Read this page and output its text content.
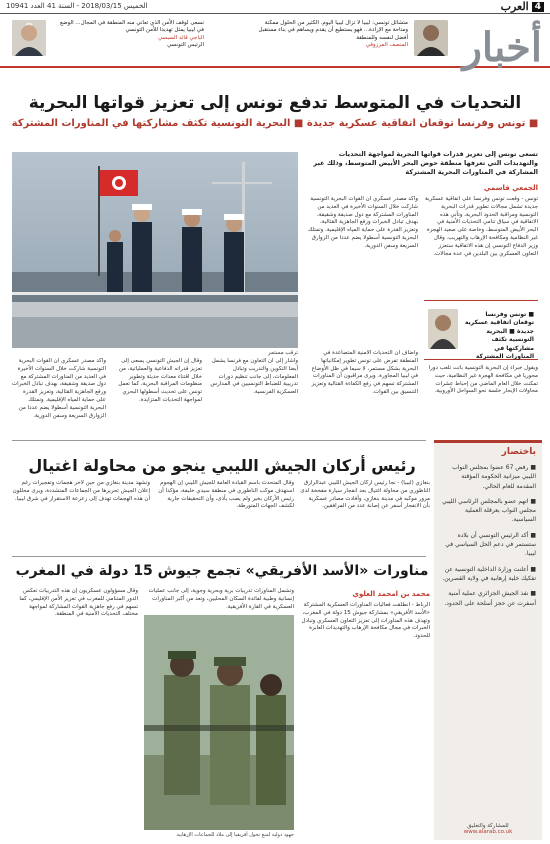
الخميس 2018/03/15 - السنة 41 العدد 10941	العرب 4
أخبار
متشائل تونسي: ليبيا لا تزال ليبيا اليوم. الكثير من الحلول ممكنة ومتاحة مع الإرادة... فهو يستطيع أن يقدم ويساهم في بناء مستقبل أفضل لنفسه وللمنطقة
المنصف المرزوقي
نسعى لوقف الأمن الذي تعاني منه المنطقة في المجال... الوضع في ليبيا يمثل تهديدا للأمن التونسي
الباجي قائد السبسي
الرئيس التونسي
التحديات في المتوسط تدفع تونس إلى تعزيز قواتها البحرية
■ تونس وفرنسا توقعان اتفاقية عسكرية جديدة ■ البحرية التونسية تكثف مشاركتها في المناورات المشتركة
تسعى تونس إلى تعزيز قدرات قواتها البحرية لمواجهة التحديات والتهديدات التي تعرفها منطقة حوض البحر الأبيض المتوسط، وذلك عبر المشاركة في المناورات البحرية المشتركة
الجمعي قاسمي
تونس - وقعت تونس وفرنسا على اتفاقية عسكرية جديدة تشمل مجالات تطوير قدرات البحرية التونسية ومراقبة الحدود البحرية، وتأتي هذه الاتفاقية في سياق تنامي التحديات الأمنية في البحر الأبيض المتوسط، وخاصة على صعيد الهجرة غير النظامية ومكافحة الإرهاب والتهريب. وقال وزير الدفاع التونسي إن هذه الاتفاقية ستعزز التعاون العسكري بين البلدين في عدة مجالات.
وأكد مصدر عسكري أن القوات البحرية التونسية شاركت خلال السنوات الأخيرة في العديد من المناورات المشتركة مع دول صديقة وشقيقة، بهدف تبادل الخبرات ورفع الجاهزية القتالية، وتعزيز القدرة على حماية المياه الإقليمية. وتمتلك البحرية التونسية أسطولا يضم عددا من الزوارق السريعة وسفن الدورية.
■ تونس وفرنسا توقعان اتفاقية عسكرية جديدة ■ البحرية التونسية تكثف مشاركتها في المناورات المشتركة
ترقب مستمر	وأضاف أن التحديات الأمنية المتصاعدة في المنطقة تفرض على تونس تطوير إمكانياتها البحرية بشكل مستمر، لا سيما في ظل الأوضاع في ليبيا المجاورة. ويرى مراقبون أن المناورات المشتركة تسهم في رفع الكفاءة القتالية وتعزيز التنسيق بين القوات.
ويقول خبراء إن البحرية التونسية باتت تلعب دورا محوريا في مكافحة الهجرة غير النظامية، حيث تمكنت خلال العام الماضي من إحباط عشرات محاولات الإبحار خلسة نحو السواحل الأوروبية.
وأشار إلى أن التعاون مع فرنسا يشمل أيضا التكوين والتدريب وتبادل المعلومات، إلى جانب تنظيم دورات تدريبية للضباط التونسيين في المدارس العسكرية الفرنسية.
وقال إن الجيش التونسي يسعى إلى تعزيز قدراته الدفاعية والعملياتية، من خلال اقتناء معدات حديثة وتطوير منظومات المراقبة البحرية، كما تعمل تونس على تحديث أسطولها البحري لمواجهة التحديات المتزايدة.
وأكد مصدر عسكري أن القوات البحرية التونسية شاركت خلال السنوات الأخيرة في العديد من المناورات المشتركة مع دول صديقة وشقيقة، بهدف تبادل الخبرات ورفع الجاهزية القتالية، وتعزيز القدرة على حماية المياه الإقليمية. وتمتلك البحرية التونسية أسطولا يضم عددا من الزوارق السريعة وسفن الدورية.
رئيس أركان الجيش الليبي ينجو من محاولة اغتيال
بنغازي (ليبيا) - نجا رئيس أركان الجيش الليبي عبدالرازق الناظوري من محاولة اغتيال بعد انفجار سيارة مفخخة لدى مرور موكبه في مدينة بنغازي، وأفادت مصادر عسكرية بأن الانفجار أسفر عن إصابة عدد من المرافقين.
وقال المتحدث باسم القيادة العامة للجيش الليبي إن الهجوم استهدف موكب الناظوري في منطقة سيدي خليفة، مؤكدا أن رئيس الأركان بخير ولم يصب بأذى، وأن التحقيقات جارية لكشف الجهات المتورطة.
وتشهد مدينة بنغازي من حين لآخر هجمات وتفجيرات رغم إعلان الجيش تحريرها من الجماعات المتشددة، ويرى محللون أن هذه الهجمات تهدف إلى زعزعة الاستقرار في شرق ليبيا.
مناورات «الأسد الأفريقي» تجمع جيوش 15 دولة في المغرب
محمد بن امحمد العلوي
الرباط - انطلقت فعاليات المناورات العسكرية المشتركة «الأسد الأفريقي» بمشاركة جيوش 15 دولة في المغرب، وتهدف هذه المناورات إلى تعزيز التعاون العسكري وتبادل الخبرات في مجال مكافحة الإرهاب والتهديدات العابرة للحدود.
وتشمل المناورات تدريبات برية وبحرية وجوية، إلى جانب عمليات إنسانية وطبية لفائدة السكان المحليين، وتعد من أكبر المناورات العسكرية في القارة الأفريقية.
وقال مسؤولون عسكريون إن هذه التدريبات تعكس الدور المتنامي للمغرب في تعزيز الأمن الإقليمي، كما تسهم في رفع جاهزية القوات المشاركة لمواجهة مختلف التحديات الأمنية في المنطقة.
جهود دولية لمنع تحول أفريقيا إلى ملاذ للجماعات الإرهابية
باختصار

■ رفض 67 عضوا بمجلس النواب الليبي ميزانية الحكومة المؤقتة المقدمة للعام الحالي.

■ اتهم عضو بالمجلس الرئاسي الليبي مجلس النواب بعرقلة العملية السياسية.

■ أكد الرئيس التونسي أن بلاده ستستمر في دعم الحل السياسي في ليبيا.

■ أعلنت وزارة الداخلية التونسية عن تفكيك خلية إرهابية في ولاية القصرين.

■ نفذ الجيش الجزائري عملية أمنية أسفرت عن حجز أسلحة على الحدود.

للمشاركة والتعليق
www.alarab.co.uk
